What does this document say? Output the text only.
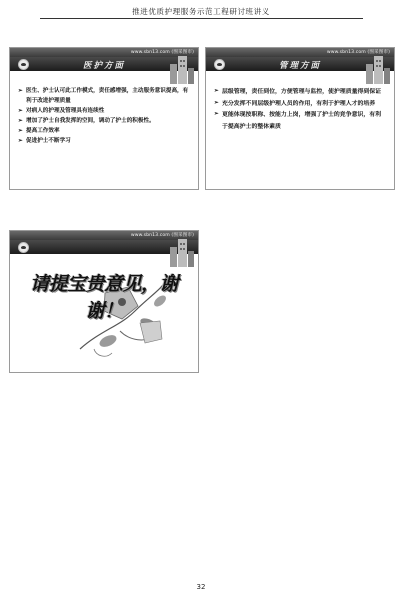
推进优质护理服务示范工程研讨班讲义
www.sbn13.com (图采图市)
医护方面
➢ 医生、护士认可此工作模式，责任感增强，主动服务意识提高，有利于改进护理质量
➢ 对病人的护理及管理具有连续性
➢ 增加了护士自我发挥的空间，调动了护士的积极性。
➢ 提高工作效率
➢ 促进护士不断学习
www.sbn13.com (图采图市)
管理方面
➢ 层级管理，责任到位，方便管理与监控，使护理质量得到保证
➢ 充分发挥不同层级护理人员的作用，有利于护理人才的培养
➢ 更能体现按职称、按能力上岗，增强了护士的竞争意识，有利于提高护士的整体素质
www.sbn13.com (图采图市)
请提宝贵意见，谢谢！
32
